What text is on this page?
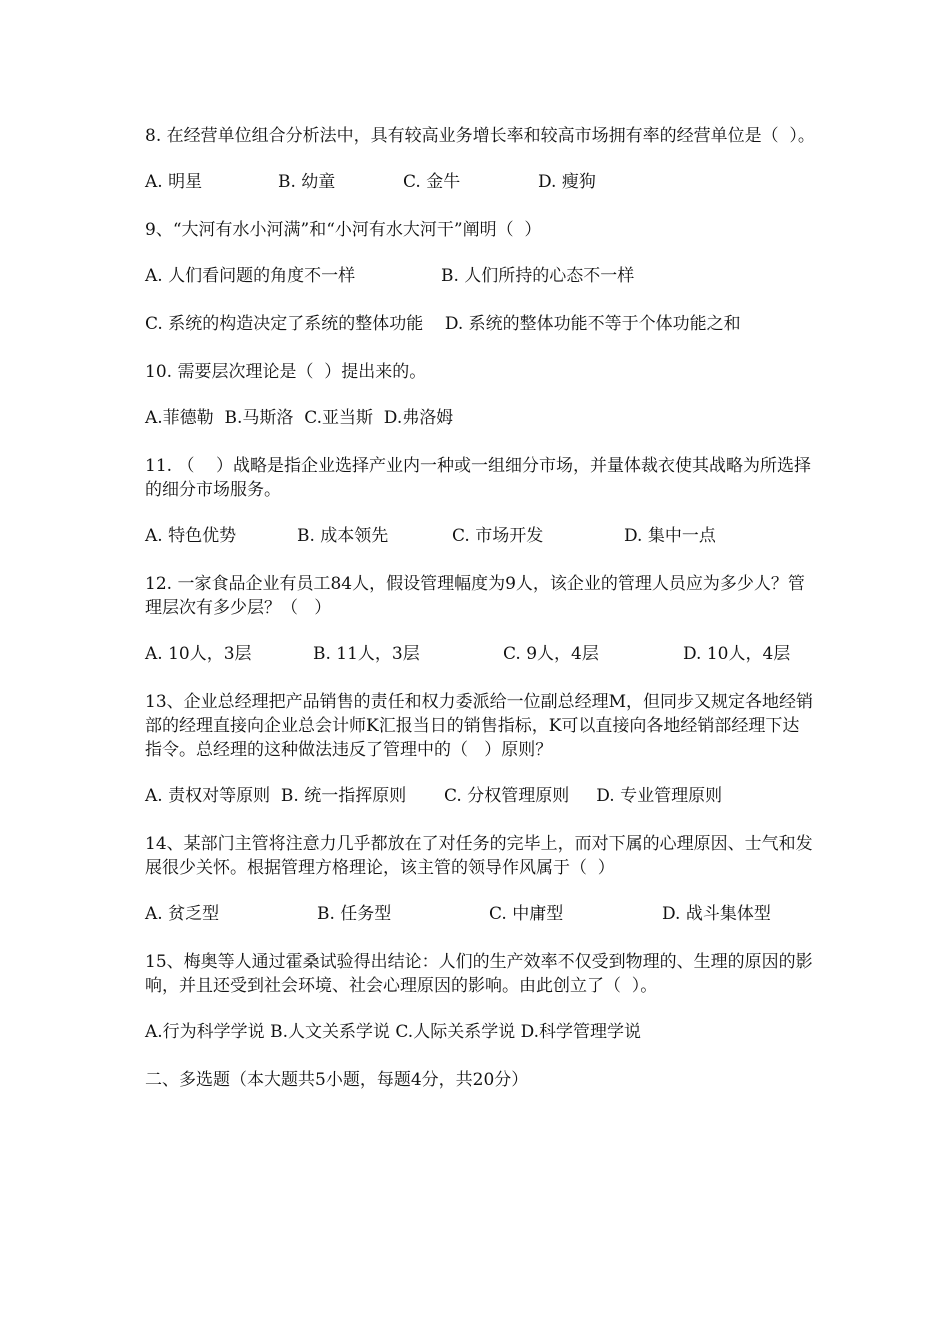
8. 在经营单位组合分析法中，具有较高业务增长率和较高市场拥有率的经营单位是（  ）。

A. 明星	B. 幼童	C. 金牛	D. 瘦狗

9、“大河有水小河满”和“小河有水大河干”阐明（  ）

A. 人们看问题的角度不一样	B. 人们所持的心态不一样

C. 系统的构造决定了系统的整体功能    D. 系统的整体功能不等于个体功能之和

10. 需要层次理论是（  ）提出来的。

A.菲德勒  B.马斯洛  C.亚当斯  D.弗洛姆

11. （    ）战略是指企业选择产业内一种或一组细分市场，并量体裁衣使其战略为所选择的细分市场服务。

A. 特色优势	B. 成本领先	C. 市场开发	D. 集中一点

12. 一家食品企业有员工84人，假设管理幅度为9人，该企业的管理人员应为多少人？管理层次有多少层？（   ）

A. 10人，3层	B. 11人，3层	C. 9人，4层	D. 10人，4层

13、企业总经理把产品销售的责任和权力委派给一位副总经理M，但同步又规定各地经销部的经理直接向企业总会计师K汇报当日的销售指标，K可以直接向各地经销部经理下达指令。总经理的这种做法违反了管理中的（   ）原则？

A. 责权对等原则  B. 统一指挥原则       C. 分权管理原则     D. 专业管理原则

14、某部门主管将注意力几乎都放在了对任务的完毕上，而对下属的心理原因、士气和发展很少关怀。根据管理方格理论，该主管的领导作风属于（  ）

A. 贫乏型	B. 任务型	C. 中庸型	D. 战斗集体型

15、梅奥等人通过霍桑试验得出结论：人们的生产效率不仅受到物理的、生理的原因的影响，并且还受到社会环境、社会心理原因的影响。由此创立了（  ）。

A.行为科学学说 B.人文关系学说 C.人际关系学说 D.科学管理学说

二、多选题（本大题共5小题，每题4分，共20分）
